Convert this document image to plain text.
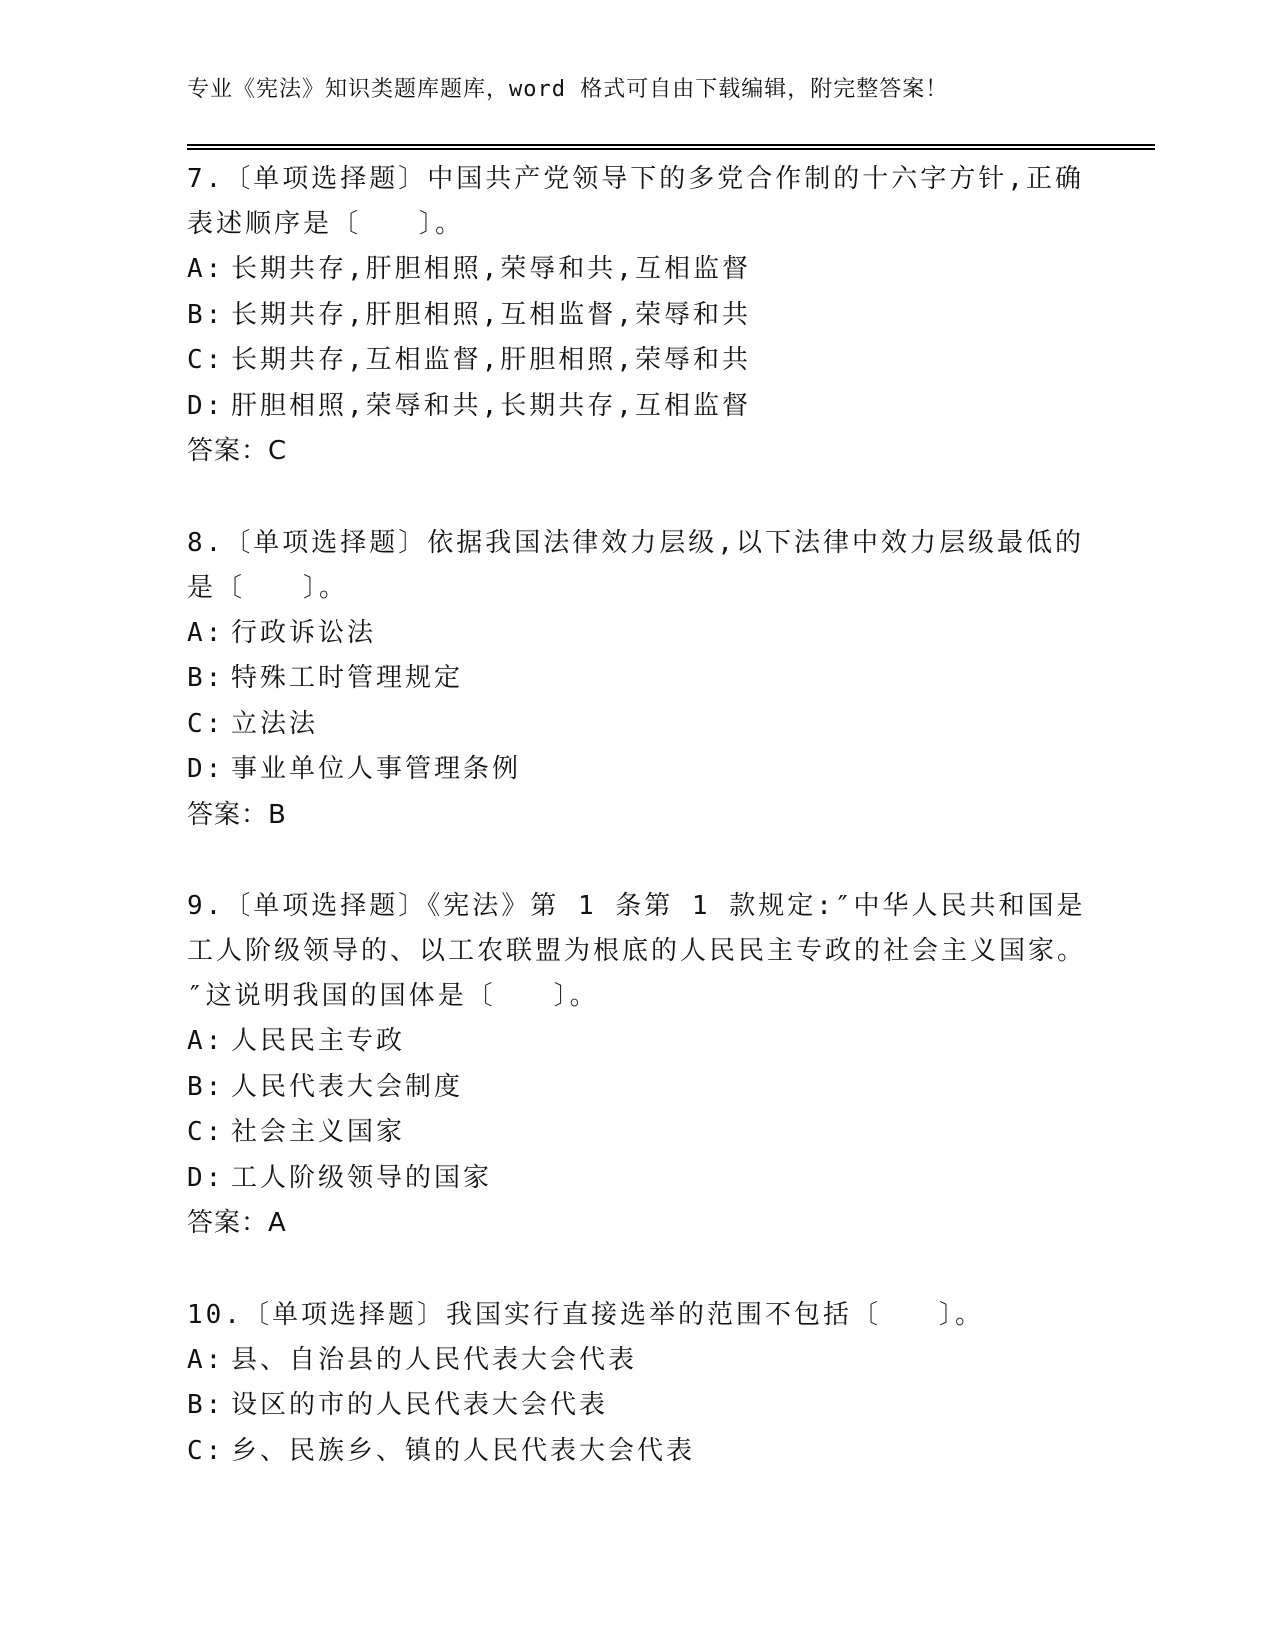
专业《宪法》知识类题库题库，word 格式可自由下载编辑，附完整答案！

7.〔单项选择题〕中国共产党领导下的多党合作制的十六字方针,正确表述顺序是〔　　〕。

A: 长期共存,肝胆相照,荣辱和共,互相监督
B: 长期共存,肝胆相照,互相监督,荣辱和共
C: 长期共存,互相监督,肝胆相照,荣辱和共
D: 肝胆相照,荣辱和共,长期共存,互相监督
答案：C

8.〔单项选择题〕依据我国法律效力层级,以下法律中效力层级最低的是〔　　〕。

A: 行政诉讼法
B: 特殊工时管理规定
C: 立法法
D: 事业单位人事管理条例
答案：B

9.〔单项选择题〕《宪法》第 1 条第 1 款规定:″中华人民共和国是工人阶级领导的、以工农联盟为根底的人民民主专政的社会主义国家。″这说明我国的国体是〔　　〕。

A: 人民民主专政
B: 人民代表大会制度
C: 社会主义国家
D: 工人阶级领导的国家
答案：A

10.〔单项选择题〕我国实行直接选举的范围不包括〔　　〕。

A: 县、自治县的人民代表大会代表
B: 设区的市的人民代表大会代表
C: 乡、民族乡、镇的人民代表大会代表
